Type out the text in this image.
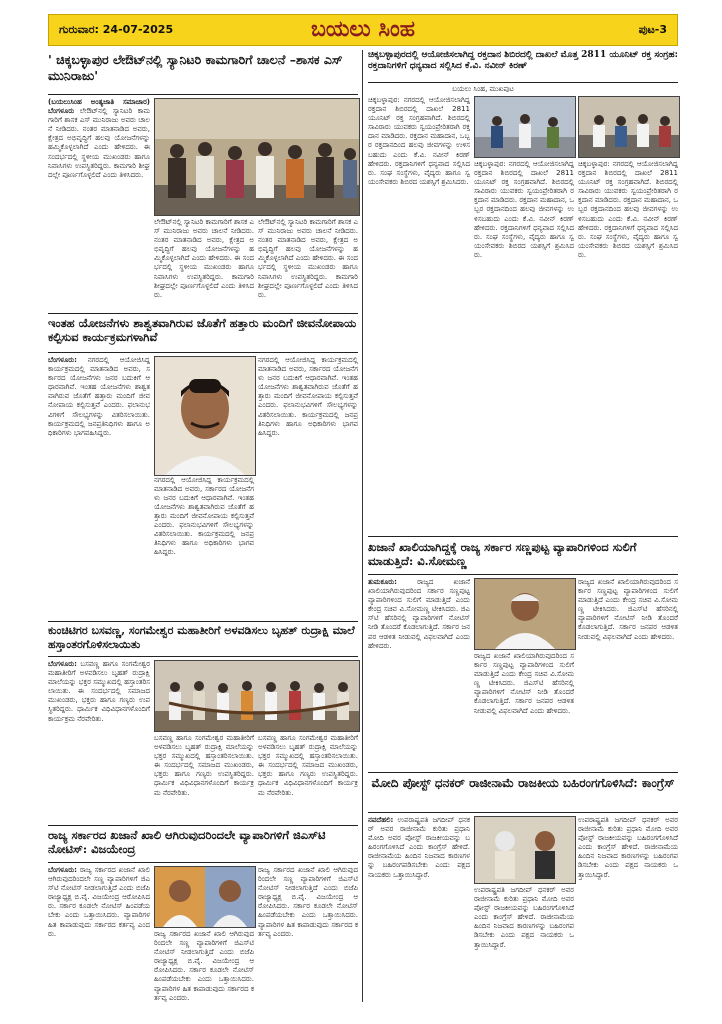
ಗುರುವಾರ: 24-07-2025	ಬಯಲು ಸಿಂಹ	ಪುಟ-3
' ಚಿಕ್ಕಬಳ್ಳಾಪುರ ಲೇಔಟ್‌ನಲ್ಲಿ ಸ್ಯಾನಿಟರಿ ಕಾಮಗಾರಿಗೆ ಚಾಲನೆ –ಶಾಸಕ ಎಸ್ ಮುನಿರಾಜು'
(ಬಯಲುಸಿಂಹ ಅಂತ್ಯಜಾತಿ ಸಮಾಚಾರ) ಬೆಂಗಳೂರು ಲೇಔಟ್‌ನಲ್ಲಿ ಸ್ಯಾನಿಟರಿ ಕಾಮಗಾರಿಗೆ ಶಾಸಕ ಎಸ್ ಮುನಿರಾಜು ಅವರು ಚಾಲನೆ ನೀಡಿದರು. ನಂತರ ಮಾತನಾಡಿದ ಅವರು, ಕ್ಷೇತ್ರದ ಅಭಿವೃದ್ಧಿಗೆ ಹಲವು ಯೋಜನೆಗಳನ್ನು ಹಮ್ಮಿಕೊಳ್ಳಲಾಗಿದೆ ಎಂದು ಹೇಳಿದರು. ಈ ಸಂದರ್ಭದಲ್ಲಿ ಸ್ಥಳೀಯ ಮುಖಂಡರು ಹಾಗೂ ನಿವಾಸಿಗಳು ಉಪಸ್ಥಿತರಿದ್ದರು. ಕಾಮಗಾರಿ ಶೀಘ್ರದಲ್ಲೇ ಪೂರ್ಣಗೊಳ್ಳಲಿದೆ ಎಂದು ತಿಳಿಸಿದರು.
ಲೇಔಟ್‌ನಲ್ಲಿ ಸ್ಯಾನಿಟರಿ ಕಾಮಗಾರಿಗೆ ಶಾಸಕ ಎಸ್ ಮುನಿರಾಜು ಅವರು ಚಾಲನೆ ನೀಡಿದರು. ನಂತರ ಮಾತನಾಡಿದ ಅವರು, ಕ್ಷೇತ್ರದ ಅಭಿವೃದ್ಧಿಗೆ ಹಲವು ಯೋಜನೆಗಳನ್ನು ಹಮ್ಮಿಕೊಳ್ಳಲಾಗಿದೆ ಎಂದು ಹೇಳಿದರು. ಈ ಸಂದರ್ಭದಲ್ಲಿ ಸ್ಥಳೀಯ ಮುಖಂಡರು ಹಾಗೂ ನಿವಾಸಿಗಳು ಉಪಸ್ಥಿತರಿದ್ದರು. ಕಾಮಗಾರಿ ಶೀಘ್ರದಲ್ಲೇ ಪೂರ್ಣಗೊಳ್ಳಲಿದೆ ಎಂದು ತಿಳಿಸಿದರು.
ಲೇಔಟ್‌ನಲ್ಲಿ ಸ್ಯಾನಿಟರಿ ಕಾಮಗಾರಿಗೆ ಶಾಸಕ ಎಸ್ ಮುನಿರಾಜು ಅವರು ಚಾಲನೆ ನೀಡಿದರು. ನಂತರ ಮಾತನಾಡಿದ ಅವರು, ಕ್ಷೇತ್ರದ ಅಭಿವೃದ್ಧಿಗೆ ಹಲವು ಯೋಜನೆಗಳನ್ನು ಹಮ್ಮಿಕೊಳ್ಳಲಾಗಿದೆ ಎಂದು ಹೇಳಿದರು. ಈ ಸಂದರ್ಭದಲ್ಲಿ ಸ್ಥಳೀಯ ಮುಖಂಡರು ಹಾಗೂ ನಿವಾಸಿಗಳು ಉಪಸ್ಥಿತರಿದ್ದರು. ಕಾಮಗಾರಿ ಶೀಘ್ರದಲ್ಲೇ ಪೂರ್ಣಗೊಳ್ಳಲಿದೆ ಎಂದು ತಿಳಿಸಿದರು.
ಇಂತಹ ಯೋಜನೆಗಳು ಶಾಶ್ವತವಾಗಿರುವ ಜೊತೆಗೆ ಹತ್ತಾರು ಮಂದಿಗೆ ಜೀವನೋಪಾಯ ಕಲ್ಪಿಸುವ ಕಾರ್ಯಕ್ರಮಗಳಾಗಿವೆ
ಬೆಂಗಳೂರು: ನಗರದಲ್ಲಿ ಆಯೋಜಿಸಿದ್ದ ಕಾರ್ಯಕ್ರಮದಲ್ಲಿ ಮಾತನಾಡಿದ ಅವರು, ಸರ್ಕಾರದ ಯೋಜನೆಗಳು ಜನರ ಬದುಕಿಗೆ ಆಧಾರವಾಗಿವೆ. ಇಂತಹ ಯೋಜನೆಗಳು ಶಾಶ್ವತವಾಗಿರುವ ಜೊತೆಗೆ ಹತ್ತಾರು ಮಂದಿಗೆ ಜೀವನೋಪಾಯ ಕಲ್ಪಿಸುತ್ತವೆ ಎಂದರು. ಫಲಾನುಭವಿಗಳಿಗೆ ಸೌಲಭ್ಯಗಳನ್ನು ವಿತರಿಸಲಾಯಿತು. ಕಾರ್ಯಕ್ರಮದಲ್ಲಿ ಜನಪ್ರತಿನಿಧಿಗಳು ಹಾಗೂ ಅಧಿಕಾರಿಗಳು ಭಾಗವಹಿಸಿದ್ದರು.
ನಗರದಲ್ಲಿ ಆಯೋಜಿಸಿದ್ದ ಕಾರ್ಯಕ್ರಮದಲ್ಲಿ ಮಾತನಾಡಿದ ಅವರು, ಸರ್ಕಾರದ ಯೋಜನೆಗಳು ಜನರ ಬದುಕಿಗೆ ಆಧಾರವಾಗಿವೆ. ಇಂತಹ ಯೋಜನೆಗಳು ಶಾಶ್ವತವಾಗಿರುವ ಜೊತೆಗೆ ಹತ್ತಾರು ಮಂದಿಗೆ ಜೀವನೋಪಾಯ ಕಲ್ಪಿಸುತ್ತವೆ ಎಂದರು. ಫಲಾನುಭವಿಗಳಿಗೆ ಸೌಲಭ್ಯಗಳನ್ನು ವಿತರಿಸಲಾಯಿತು. ಕಾರ್ಯಕ್ರಮದಲ್ಲಿ ಜನಪ್ರತಿನಿಧಿಗಳು ಹಾಗೂ ಅಧಿಕಾರಿಗಳು ಭಾಗವಹಿಸಿದ್ದರು.
ನಗರದಲ್ಲಿ ಆಯೋಜಿಸಿದ್ದ ಕಾರ್ಯಕ್ರಮದಲ್ಲಿ ಮಾತನಾಡಿದ ಅವರು, ಸರ್ಕಾರದ ಯೋಜನೆಗಳು ಜನರ ಬದುಕಿಗೆ ಆಧಾರವಾಗಿವೆ. ಇಂತಹ ಯೋಜನೆಗಳು ಶಾಶ್ವತವಾಗಿರುವ ಜೊತೆಗೆ ಹತ್ತಾರು ಮಂದಿಗೆ ಜೀವನೋಪಾಯ ಕಲ್ಪಿಸುತ್ತವೆ ಎಂದರು. ಫಲಾನುಭವಿಗಳಿಗೆ ಸೌಲಭ್ಯಗಳನ್ನು ವಿತರಿಸಲಾಯಿತು. ಕಾರ್ಯಕ್ರಮದಲ್ಲಿ ಜನಪ್ರತಿನಿಧಿಗಳು ಹಾಗೂ ಅಧಿಕಾರಿಗಳು ಭಾಗವಹಿಸಿದ್ದರು.
ಕುಂಚಿಟಿಗರ ಬಸವಣ್ಣ, ಸಂಗಮೇಶ್ವರ ಮಹಾತೀರಿಗೆ ಅಳವಡಿಸಲು ಬೃಹತ್ ರುದ್ರಾಕ್ಷಿ ಮಾಲೆ ಹಸ್ತಾಂತರಗೊಳಿಸಲಾಯಿತು
ಬೆಂಗಳೂರು: ಬಸವಣ್ಣ ಹಾಗೂ ಸಂಗಮೇಶ್ವರ ಮಹಾತೀರಿಗೆ ಅಳವಡಿಸಲು ಬೃಹತ್ ರುದ್ರಾಕ್ಷಿ ಮಾಲೆಯನ್ನು ಭಕ್ತರ ಸಮ್ಮುಖದಲ್ಲಿ ಹಸ್ತಾಂತರಿಸಲಾಯಿತು. ಈ ಸಂದರ್ಭದಲ್ಲಿ ಸಮಾಜದ ಮುಖಂಡರು, ಭಕ್ತರು ಹಾಗೂ ಗಣ್ಯರು ಉಪಸ್ಥಿತರಿದ್ದರು. ಧಾರ್ಮಿಕ ವಿಧಿವಿಧಾನಗಳೊಂದಿಗೆ ಕಾರ್ಯಕ್ರಮ ನೆರವೇರಿತು.
ಬಸವಣ್ಣ ಹಾಗೂ ಸಂಗಮೇಶ್ವರ ಮಹಾತೀರಿಗೆ ಅಳವಡಿಸಲು ಬೃಹತ್ ರುದ್ರಾಕ್ಷಿ ಮಾಲೆಯನ್ನು ಭಕ್ತರ ಸಮ್ಮುಖದಲ್ಲಿ ಹಸ್ತಾಂತರಿಸಲಾಯಿತು. ಈ ಸಂದರ್ಭದಲ್ಲಿ ಸಮಾಜದ ಮುಖಂಡರು, ಭಕ್ತರು ಹಾಗೂ ಗಣ್ಯರು ಉಪಸ್ಥಿತರಿದ್ದರು. ಧಾರ್ಮಿಕ ವಿಧಿವಿಧಾನಗಳೊಂದಿಗೆ ಕಾರ್ಯಕ್ರಮ ನೆರವೇರಿತು.
ಬಸವಣ್ಣ ಹಾಗೂ ಸಂಗಮೇಶ್ವರ ಮಹಾತೀರಿಗೆ ಅಳವಡಿಸಲು ಬೃಹತ್ ರುದ್ರಾಕ್ಷಿ ಮಾಲೆಯನ್ನು ಭಕ್ತರ ಸಮ್ಮುಖದಲ್ಲಿ ಹಸ್ತಾಂತರಿಸಲಾಯಿತು. ಈ ಸಂದರ್ಭದಲ್ಲಿ ಸಮಾಜದ ಮುಖಂಡರು, ಭಕ್ತರು ಹಾಗೂ ಗಣ್ಯರು ಉಪಸ್ಥಿತರಿದ್ದರು. ಧಾರ್ಮಿಕ ವಿಧಿವಿಧಾನಗಳೊಂದಿಗೆ ಕಾರ್ಯಕ್ರಮ ನೆರವೇರಿತು.
ರಾಜ್ಯ ಸರ್ಕಾರದ ಖಜಾನೆ ಖಾಲಿ ಆಗಿರುವುದರಿಂದಲೇ ವ್ಯಾಪಾರಿಗಳಿಗೆ ಜಿಎಸ್‌ಟಿ ನೋಟಿಸ್: ವಿಜಯೇಂದ್ರ
ಬೆಂಗಳೂರು: ರಾಜ್ಯ ಸರ್ಕಾರದ ಖಜಾನೆ ಖಾಲಿ ಆಗಿರುವುದರಿಂದಲೇ ಸಣ್ಣ ವ್ಯಾಪಾರಿಗಳಿಗೆ ಜಿಎಸ್‌ಟಿ ನೋಟಿಸ್ ನೀಡಲಾಗುತ್ತಿದೆ ಎಂದು ಬಿಜೆಪಿ ರಾಜ್ಯಾಧ್ಯಕ್ಷ ಬಿ.ವೈ. ವಿಜಯೇಂದ್ರ ಆರೋಪಿಸಿದರು. ಸರ್ಕಾರ ಕೂಡಲೇ ನೋಟಿಸ್ ಹಿಂಪಡೆಯಬೇಕು ಎಂದು ಒತ್ತಾಯಿಸಿದರು. ವ್ಯಾಪಾರಿಗಳ ಹಿತ ಕಾಪಾಡುವುದು ಸರ್ಕಾರದ ಕರ್ತವ್ಯ ಎಂದರು.	ರಾಜ್ಯ ಸರ್ಕಾರದ ಖಜಾನೆ ಖಾಲಿ ಆಗಿರುವುದರಿಂದಲೇ ಸಣ್ಣ ವ್ಯಾಪಾರಿಗಳಿಗೆ ಜಿಎಸ್‌ಟಿ ನೋಟಿಸ್ ನೀಡಲಾಗುತ್ತಿದೆ ಎಂದು ಬಿಜೆಪಿ ರಾಜ್ಯಾಧ್ಯಕ್ಷ ಬಿ.ವೈ. ವಿಜಯೇಂದ್ರ ಆರೋಪಿಸಿದರು. ಸರ್ಕಾರ ಕೂಡಲೇ ನೋಟಿಸ್ ಹಿಂಪಡೆಯಬೇಕು ಎಂದು ಒತ್ತಾಯಿಸಿದರು. ವ್ಯಾಪಾರಿಗಳ ಹಿತ ಕಾಪಾಡುವುದು ಸರ್ಕಾರದ ಕರ್ತವ್ಯ ಎಂದರು.
ರಾಜ್ಯ ಸರ್ಕಾರದ ಖಜಾನೆ ಖಾಲಿ ಆಗಿರುವುದರಿಂದಲೇ ಸಣ್ಣ ವ್ಯಾಪಾರಿಗಳಿಗೆ ಜಿಎಸ್‌ಟಿ ನೋಟಿಸ್ ನೀಡಲಾಗುತ್ತಿದೆ ಎಂದು ಬಿಜೆಪಿ ರಾಜ್ಯಾಧ್ಯಕ್ಷ ಬಿ.ವೈ. ವಿಜಯೇಂದ್ರ ಆರೋಪಿಸಿದರು. ಸರ್ಕಾರ ಕೂಡಲೇ ನೋಟಿಸ್ ಹಿಂಪಡೆಯಬೇಕು ಎಂದು ಒತ್ತಾಯಿಸಿದರು. ವ್ಯಾಪಾರಿಗಳ ಹಿತ ಕಾಪಾಡುವುದು ಸರ್ಕಾರದ ಕರ್ತವ್ಯ ಎಂದರು.
ಚಿಕ್ಕಬಳ್ಳಾಪುರದಲ್ಲಿ ಆಯೋಜಿಸಲಾಗಿದ್ದ ರಕ್ತದಾನ ಶಿಬಿರದಲ್ಲಿ ದಾಖಲೆ ಮೊತ್ತ 2811 ಯೂನಿಟ್ ರಕ್ತ ಸಂಗ್ರಹ: ರಕ್ತದಾನಿಗಳಿಗೆ ಧನ್ಯವಾದ ಸಲ್ಲಿಸಿದ ಕೆ.ವಿ. ನವೀನ್ ಕಿರಣ್
ಬಯಲು ಸಿಂಹ, ಮುಖಪುಟ
ಚಿಕ್ಕಬಳ್ಳಾಪುರ: ನಗರದಲ್ಲಿ ಆಯೋಜಿಸಲಾಗಿದ್ದ ರಕ್ತದಾನ ಶಿಬಿರದಲ್ಲಿ ದಾಖಲೆ 2811 ಯೂನಿಟ್ ರಕ್ತ ಸಂಗ್ರಹವಾಗಿದೆ. ಶಿಬಿರದಲ್ಲಿ ಸಾವಿರಾರು ಯುವಕರು ಸ್ವಯಂಪ್ರೇರಿತರಾಗಿ ರಕ್ತದಾನ ಮಾಡಿದರು. ರಕ್ತದಾನ ಮಹಾದಾನ, ಒಬ್ಬರ ರಕ್ತದಾನದಿಂದ ಹಲವು ಜೀವಗಳನ್ನು ಉಳಿಸಬಹುದು ಎಂದು ಕೆ.ವಿ. ನವೀನ್ ಕಿರಣ್ ಹೇಳಿದರು. ರಕ್ತದಾನಿಗಳಿಗೆ ಧನ್ಯವಾದ ಸಲ್ಲಿಸಿದರು. ಸಂಘ ಸಂಸ್ಥೆಗಳು, ವೈದ್ಯರು ಹಾಗೂ ಸ್ವಯಂಸೇವಕರು ಶಿಬಿರದ ಯಶಸ್ಸಿಗೆ ಶ್ರಮಿಸಿದರು.
ಚಿಕ್ಕಬಳ್ಳಾಪುರ: ನಗರದಲ್ಲಿ ಆಯೋಜಿಸಲಾಗಿದ್ದ ರಕ್ತದಾನ ಶಿಬಿರದಲ್ಲಿ ದಾಖಲೆ 2811 ಯೂನಿಟ್ ರಕ್ತ ಸಂಗ್ರಹವಾಗಿದೆ. ಶಿಬಿರದಲ್ಲಿ ಸಾವಿರಾರು ಯುವಕರು ಸ್ವಯಂಪ್ರೇರಿತರಾಗಿ ರಕ್ತದಾನ ಮಾಡಿದರು. ರಕ್ತದಾನ ಮಹಾದಾನ, ಒಬ್ಬರ ರಕ್ತದಾನದಿಂದ ಹಲವು ಜೀವಗಳನ್ನು ಉಳಿಸಬಹುದು ಎಂದು ಕೆ.ವಿ. ನವೀನ್ ಕಿರಣ್ ಹೇಳಿದರು. ರಕ್ತದಾನಿಗಳಿಗೆ ಧನ್ಯವಾದ ಸಲ್ಲಿಸಿದರು. ಸಂಘ ಸಂಸ್ಥೆಗಳು, ವೈದ್ಯರು ಹಾಗೂ ಸ್ವಯಂಸೇವಕರು ಶಿಬಿರದ ಯಶಸ್ಸಿಗೆ ಶ್ರಮಿಸಿದರು.
ಚಿಕ್ಕಬಳ್ಳಾಪುರ: ನಗರದಲ್ಲಿ ಆಯೋಜಿಸಲಾಗಿದ್ದ ರಕ್ತದಾನ ಶಿಬಿರದಲ್ಲಿ ದಾಖಲೆ 2811 ಯೂನಿಟ್ ರಕ್ತ ಸಂಗ್ರಹವಾಗಿದೆ. ಶಿಬಿರದಲ್ಲಿ ಸಾವಿರಾರು ಯುವಕರು ಸ್ವಯಂಪ್ರೇರಿತರಾಗಿ ರಕ್ತದಾನ ಮಾಡಿದರು. ರಕ್ತದಾನ ಮಹಾದಾನ, ಒಬ್ಬರ ರಕ್ತದಾನದಿಂದ ಹಲವು ಜೀವಗಳನ್ನು ಉಳಿಸಬಹುದು ಎಂದು ಕೆ.ವಿ. ನವೀನ್ ಕಿರಣ್ ಹೇಳಿದರು. ರಕ್ತದಾನಿಗಳಿಗೆ ಧನ್ಯವಾದ ಸಲ್ಲಿಸಿದರು. ಸಂಘ ಸಂಸ್ಥೆಗಳು, ವೈದ್ಯರು ಹಾಗೂ ಸ್ವಯಂಸೇವಕರು ಶಿಬಿರದ ಯಶಸ್ಸಿಗೆ ಶ್ರಮಿಸಿದರು.
ಖಜಾನೆ ಖಾಲಿಯಾಗಿದ್ದಕ್ಕೆ ರಾಜ್ಯ ಸರ್ಕಾರ ಸಣ್ಣಪುಟ್ಟ ವ್ಯಾಪಾರಿಗಳಿಂದ ಸುಲಿಗೆ ಮಾಡುತ್ತಿದೆ: ವಿ.ಸೋಮಣ್ಣ
ತುಮಕೂರು:	ರಾಜ್ಯದ ಖಜಾನೆ ಖಾಲಿಯಾಗಿರುವುದರಿಂದ ಸರ್ಕಾರ ಸಣ್ಣಪುಟ್ಟ ವ್ಯಾಪಾರಿಗಳಿಂದ ಸುಲಿಗೆ ಮಾಡುತ್ತಿದೆ ಎಂದು ಕೇಂದ್ರ ಸಚಿವ ವಿ.ಸೋಮಣ್ಣ ಟೀಕಿಸಿದರು. ಜಿಎಸ್‌ಟಿ ಹೆಸರಿನಲ್ಲಿ ವ್ಯಾಪಾರಿಗಳಿಗೆ ನೋಟಿಸ್ ನೀಡಿ ತೊಂದರೆ ಕೊಡಲಾಗುತ್ತಿದೆ. ಸರ್ಕಾರ ಜನಪರ ಆಡಳಿತ ನೀಡುವಲ್ಲಿ ವಿಫಲವಾಗಿದೆ ಎಂದು ಹೇಳಿದರು.
ರಾಜ್ಯದ ಖಜಾನೆ ಖಾಲಿಯಾಗಿರುವುದರಿಂದ ಸರ್ಕಾರ ಸಣ್ಣಪುಟ್ಟ ವ್ಯಾಪಾರಿಗಳಿಂದ ಸುಲಿಗೆ ಮಾಡುತ್ತಿದೆ ಎಂದು ಕೇಂದ್ರ ಸಚಿವ ವಿ.ಸೋಮಣ್ಣ ಟೀಕಿಸಿದರು. ಜಿಎಸ್‌ಟಿ ಹೆಸರಿನಲ್ಲಿ ವ್ಯಾಪಾರಿಗಳಿಗೆ ನೋಟಿಸ್ ನೀಡಿ ತೊಂದರೆ ಕೊಡಲಾಗುತ್ತಿದೆ. ಸರ್ಕಾರ ಜನಪರ ಆಡಳಿತ ನೀಡುವಲ್ಲಿ ವಿಫಲವಾಗಿದೆ ಎಂದು ಹೇಳಿದರು.
ರಾಜ್ಯದ ಖಜಾನೆ ಖಾಲಿಯಾಗಿರುವುದರಿಂದ ಸರ್ಕಾರ ಸಣ್ಣಪುಟ್ಟ ವ್ಯಾಪಾರಿಗಳಿಂದ ಸುಲಿಗೆ ಮಾಡುತ್ತಿದೆ ಎಂದು ಕೇಂದ್ರ ಸಚಿವ ವಿ.ಸೋಮಣ್ಣ ಟೀಕಿಸಿದರು. ಜಿಎಸ್‌ಟಿ ಹೆಸರಿನಲ್ಲಿ ವ್ಯಾಪಾರಿಗಳಿಗೆ ನೋಟಿಸ್ ನೀಡಿ ತೊಂದರೆ ಕೊಡಲಾಗುತ್ತಿದೆ. ಸರ್ಕಾರ ಜನಪರ ಆಡಳಿತ ನೀಡುವಲ್ಲಿ ವಿಫಲವಾಗಿದೆ ಎಂದು ಹೇಳಿದರು.
ಮೋದಿ ಪೋಸ್ಟ್ ಧನಕರ್ ರಾಜೀನಾಮೆ ರಾಜಕೀಯ ಬಹಿರಂಗಗೊಳಿಸಿದೆ: ಕಾಂಗ್ರೆಸ್
ನವದೆಹಲಿ: ಉಪರಾಷ್ಟ್ರಪತಿ ಜಗದೀಪ್ ಧನಕರ್ ಅವರ ರಾಜೀನಾಮೆ ಕುರಿತು ಪ್ರಧಾನಿ ಮೋದಿ ಅವರ ಪೋಸ್ಟ್ ರಾಜಕೀಯವನ್ನು ಬಹಿರಂಗಗೊಳಿಸಿದೆ ಎಂದು ಕಾಂಗ್ರೆಸ್ ಹೇಳಿದೆ. ರಾಜೀನಾಮೆಯ ಹಿಂದಿನ ನಿಜವಾದ ಕಾರಣಗಳನ್ನು ಬಹಿರಂಗಪಡಿಸಬೇಕು ಎಂದು ಪಕ್ಷದ ನಾಯಕರು ಒತ್ತಾಯಿಸಿದ್ದಾರೆ.
ಉಪರಾಷ್ಟ್ರಪತಿ ಜಗದೀಪ್ ಧನಕರ್ ಅವರ ರಾಜೀನಾಮೆ ಕುರಿತು ಪ್ರಧಾನಿ ಮೋದಿ ಅವರ ಪೋಸ್ಟ್ ರಾಜಕೀಯವನ್ನು ಬಹಿರಂಗಗೊಳಿಸಿದೆ ಎಂದು ಕಾಂಗ್ರೆಸ್ ಹೇಳಿದೆ. ರಾಜೀನಾಮೆಯ ಹಿಂದಿನ ನಿಜವಾದ ಕಾರಣಗಳನ್ನು ಬಹಿರಂಗಪಡಿಸಬೇಕು ಎಂದು ಪಕ್ಷದ ನಾಯಕರು ಒತ್ತಾಯಿಸಿದ್ದಾರೆ.
ಉಪರಾಷ್ಟ್ರಪತಿ ಜಗದೀಪ್ ಧನಕರ್ ಅವರ ರಾಜೀನಾಮೆ ಕುರಿತು ಪ್ರಧಾನಿ ಮೋದಿ ಅವರ ಪೋಸ್ಟ್ ರಾಜಕೀಯವನ್ನು ಬಹಿರಂಗಗೊಳಿಸಿದೆ ಎಂದು ಕಾಂಗ್ರೆಸ್ ಹೇಳಿದೆ. ರಾಜೀನಾಮೆಯ ಹಿಂದಿನ ನಿಜವಾದ ಕಾರಣಗಳನ್ನು ಬಹಿರಂಗಪಡಿಸಬೇಕು ಎಂದು ಪಕ್ಷದ ನಾಯಕರು ಒತ್ತಾಯಿಸಿದ್ದಾರೆ.
